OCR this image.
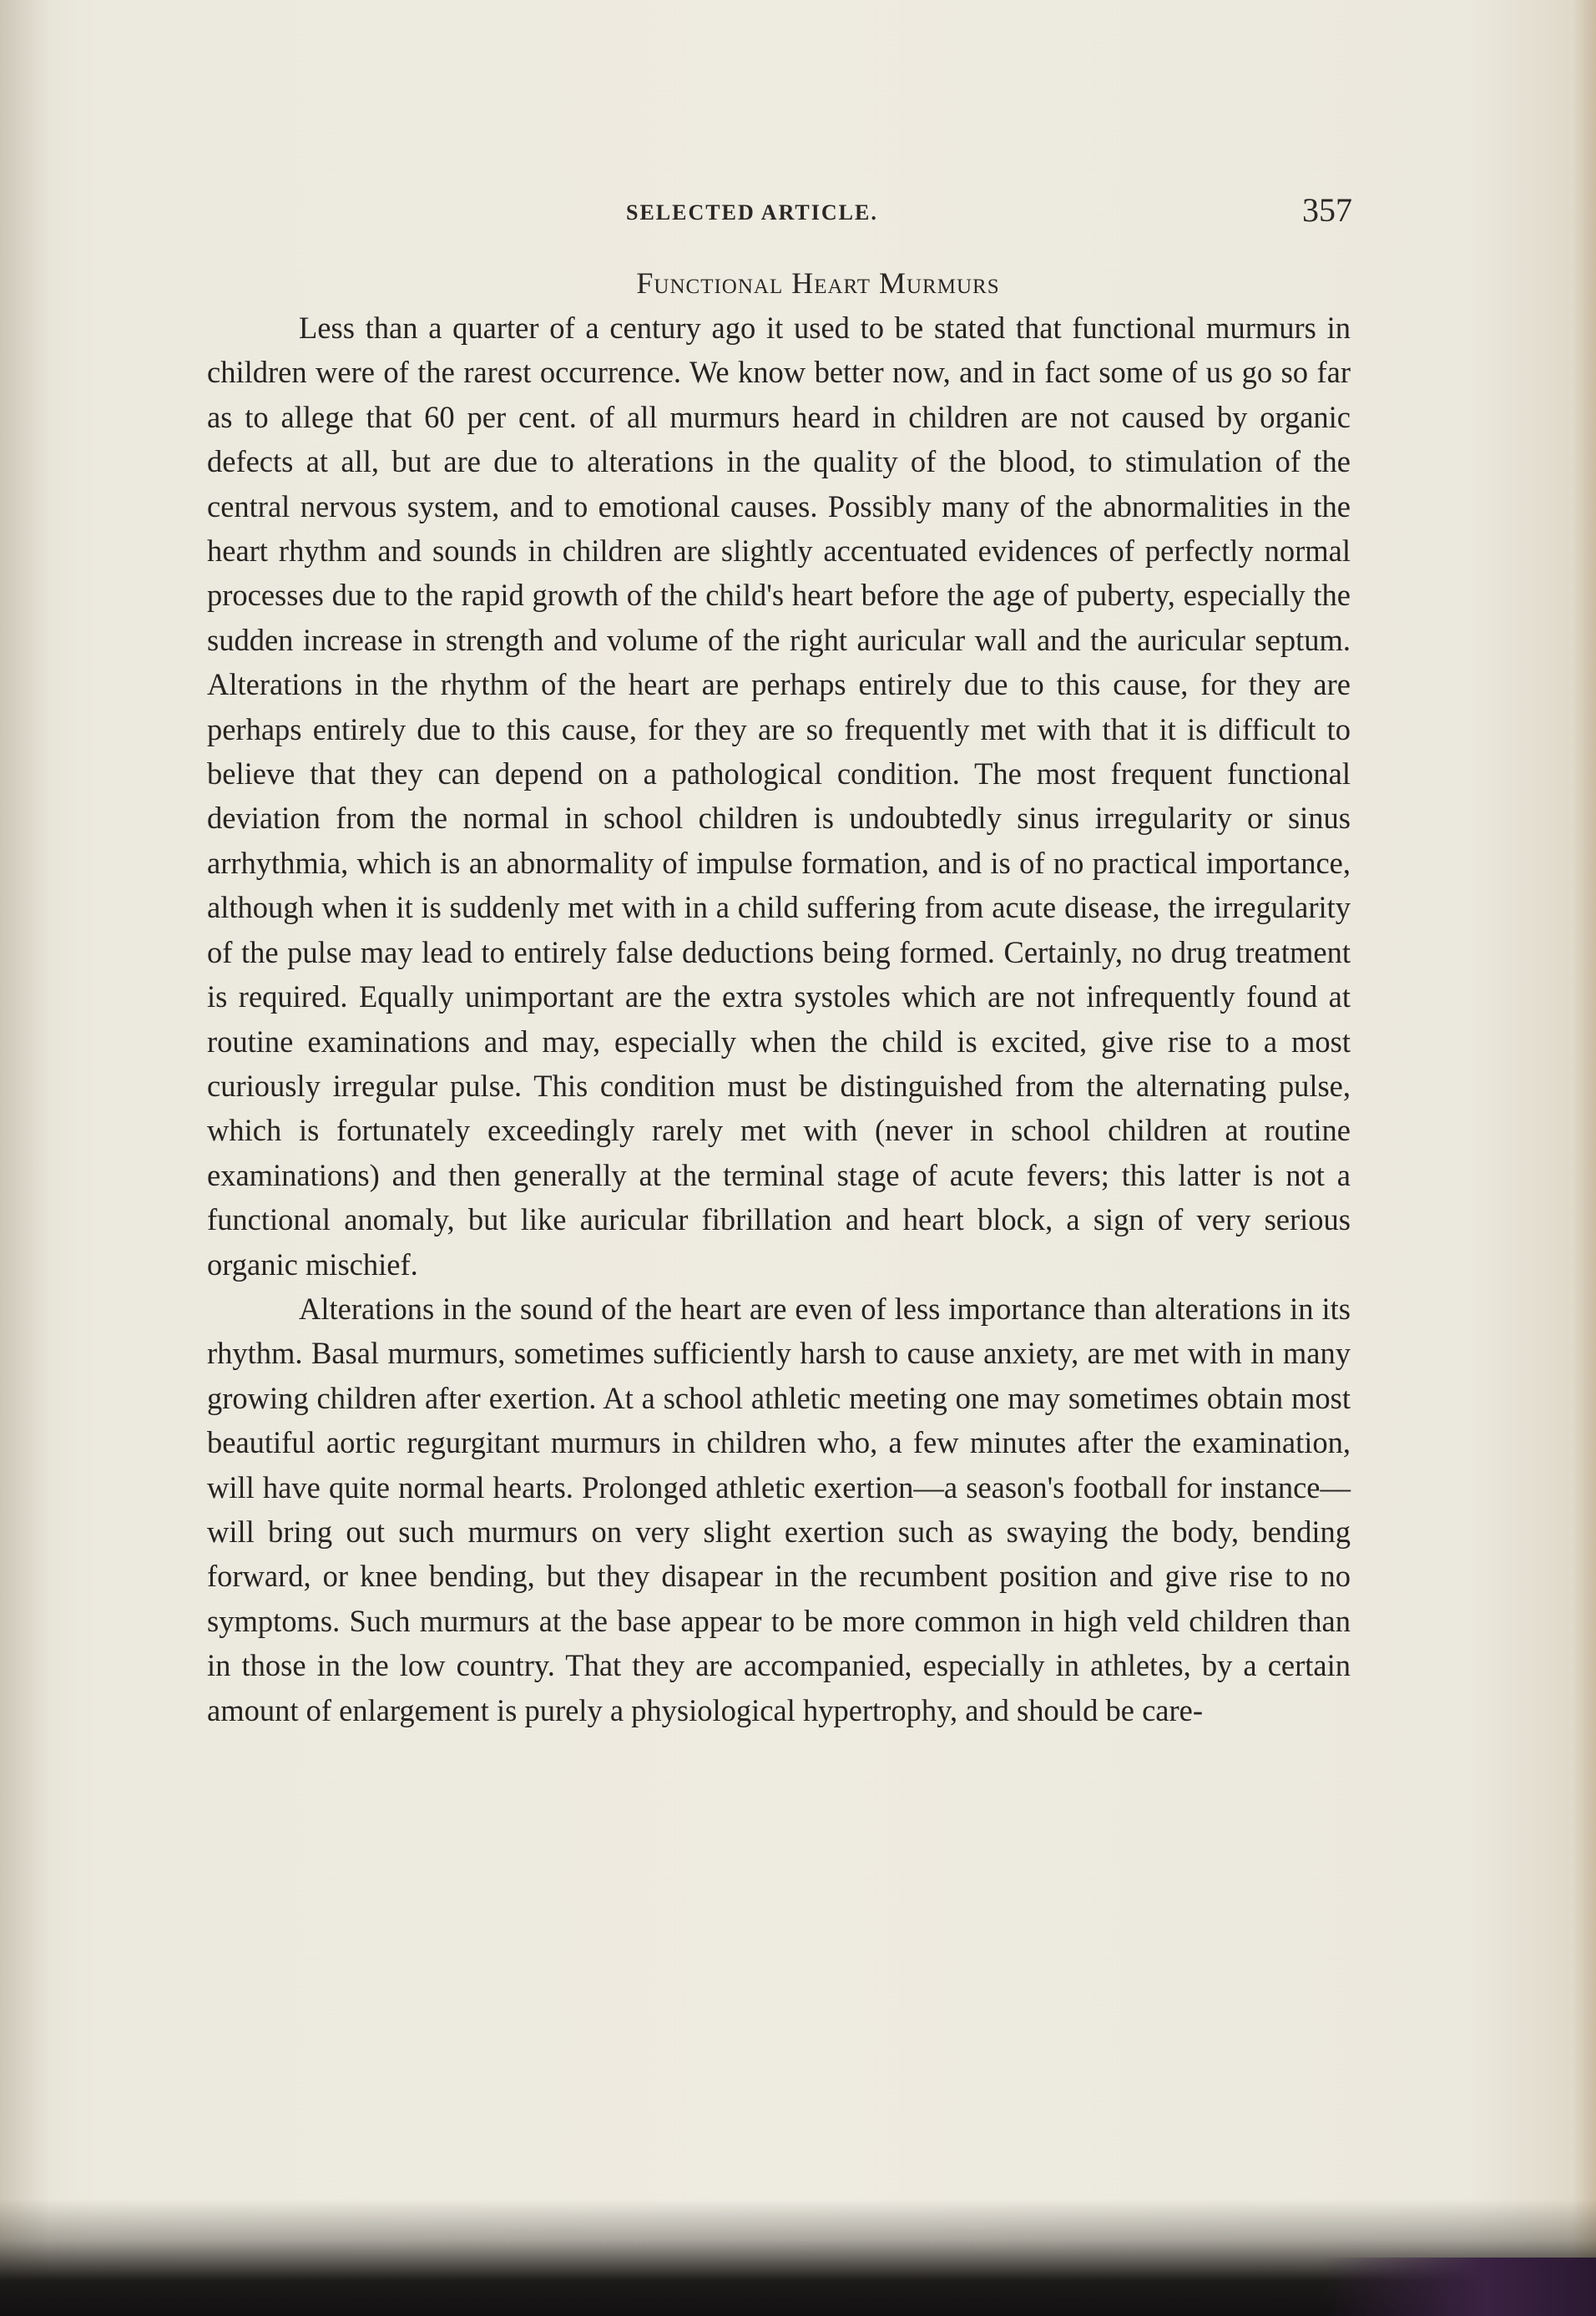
SELECTED ARTICLE.	357
Functional Heart Murmurs

Less than a quarter of a century ago it used to be stated that functional murmurs in children were of the rarest occurrence. We know better now, and in fact some of us go so far as to allege that 60 per cent. of all murmurs heard in children are not caused by organic defects at all, but are due to alterations in the quality of the blood, to stimulation of the central nervous system, and to emotional causes. Possibly many of the abnormalities in the heart rhythm and sounds in children are slightly accentuated evidences of perfectly normal processes due to the rapid growth of the child's heart before the age of puberty, especially the sudden increase in strength and volume of the right auricular wall and the auricular septum. Alterations in the rhythm of the heart are perhaps entirely due to this cause, for they are perhaps entirely due to this cause, for they are so frequently met with that it is difficult to believe that they can depend on a pathological condition. The most frequent functional deviation from the normal in school children is undoubtedly sinus irregularity or sinus arrhythmia, which is an abnormality of impulse formation, and is of no practical importance, although when it is suddenly met with in a child suffering from acute disease, the irregularity of the pulse may lead to entirely false deductions being formed. Certainly, no drug treatment is required. Equally unimportant are the extra systoles which are not infrequently found at routine examinations and may, especially when the child is excited, give rise to a most curiously irregular pulse. This condition must be distinguished from the alternating pulse, which is fortunately exceedingly rarely met with (never in school children at routine examinations) and then generally at the terminal stage of acute fevers; this latter is not a functional anomaly, but like auricular fibrillation and heart block, a sign of very serious organic mischief.

Alterations in the sound of the heart are even of less importance than alterations in its rhythm. Basal murmurs, sometimes sufficiently harsh to cause anxiety, are met with in many growing children after exertion. At a school athletic meeting one may sometimes obtain most beautiful aortic regurgitant murmurs in children who, a few minutes after the examination, will have quite normal hearts. Prolonged athletic exertion—a season's football for instance—will bring out such murmurs on very slight exertion such as swaying the body, bending forward, or knee bending, but they disapear in the recumbent position and give rise to no symptoms. Such murmurs at the base appear to be more common in high veld children than in those in the low country. That they are accompanied, especially in athletes, by a certain amount of enlargement is purely a physiological hypertrophy, and should be care-
